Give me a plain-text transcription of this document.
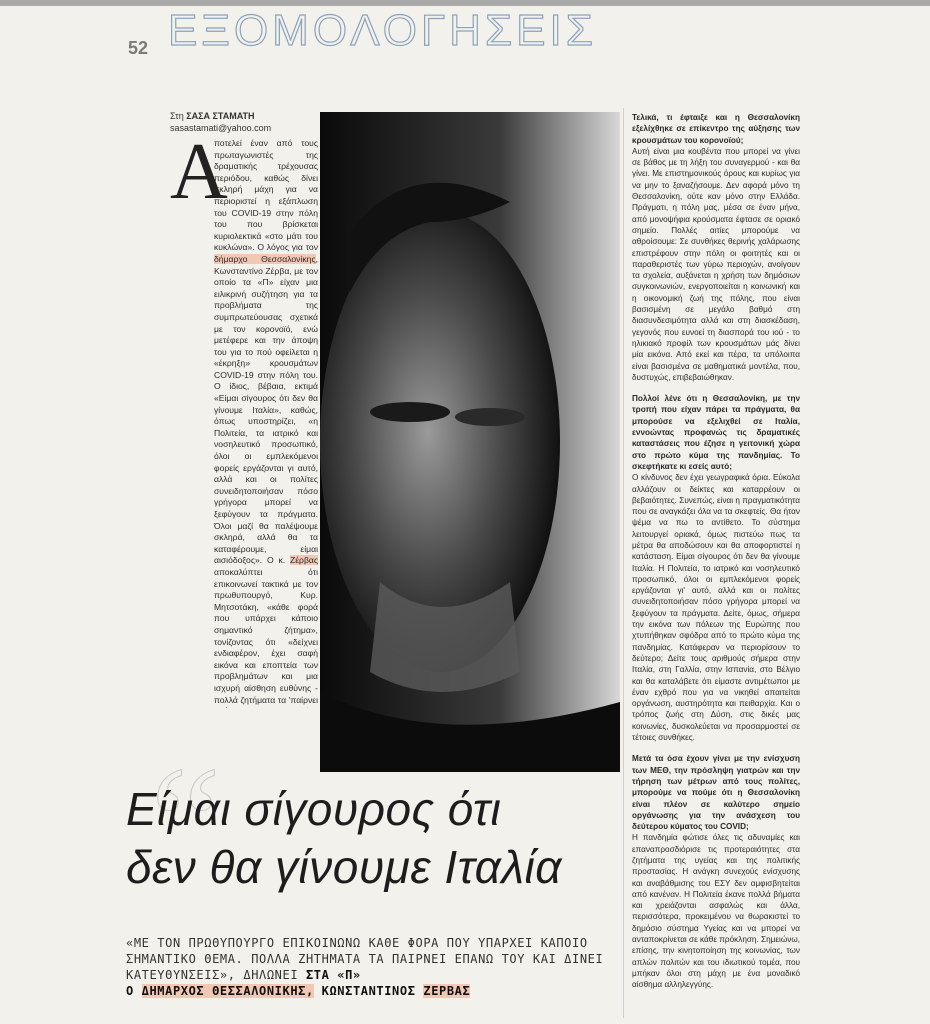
52 ΕΞΟΜΟΛΟΓΗΣΕΙΣ
Στη ΣΑΣΑ ΣΤΑΜΑΤΗ
sasastamati@yahoo.com
Α
ποτελεί έναν από τους πρωταγωνιστές της δραματικής τρέχουσας περιόδου, καθώς δίνει σκληρή μάχη για να περιοριστεί η εξάπλωση του COVID-19 στην πόλη του που βρίσκεται κυριολεκτικά «στο μάτι του κυκλώνα». Ο λόγος για τον δήμαρχο Θεσσαλονίκης, Κωνσταντίνο Ζέρβα, με τον οποίο τα «Π» είχαν μια ειλικρινή συζήτηση για τα προβλήματα της συμπρωτεύουσας σχετικά με τον κορονοϊό, ενώ μετέφερε και την άποψη του για το πού οφείλεται η «έκρηξη» κρουσμάτων COVID-19 στην πόλη του. Ο ίδιος, βέβαια, εκτιμά «Είμαι σίγουρος ότι δεν θα γίνουμε Ιταλία», καθώς, όπως υποστηρίζει, «η Πολιτεία, τα ιατρικό και νοσηλευτικό προσωπικό, όλοι οι εμπλεκόμενοι φορείς εργάζονται γι αυτό, αλλά και οι πολίτες συνειδητοποιήσαν πόσο γρήγορα μπορεί να ξεφύγουν τα πράγματα. Όλοι μαζί θα παλέψουμε σκληρά, αλλά θα τα καταφέρουμε, είμαι αισιόδοξος». Ο κ. Ζέρβας αποκαλύπτει ότι επικοινωνεί τακτικά με τον πρωθυπουργό, Κυρ. Μητσοτάκη, «κάθε φορά που υπάρχει κάποιο σημαντικό ζήτημα», τονίζοντας ότι «δείχνει ενδιαφέρον, έχει σαφή εικόνα και εποπτεία των προβλημάτων και μια ισχυρή αίσθηση ευθύνης - πολλά ζητήματα τα 'παίρνει
Τελικά, τι έφταιξε και η Θεσσαλονίκη εξελίχθηκε σε επίκεντρο της αύξησης των κρουσμάτων του κορονοϊού;
Αυτή είναι μια κουβέντα που μπορεί να γίνει σε βάθος με τη λήξη του συναγερμού - και θα γίνει. Με επιστημονικούς όρους και κυρίως για να μην το ξαναζήσουμε. Δεν αφορά μόνο τη Θεσσαλονίκη, ούτε καν μόνο στην Ελλάδα. Πράγματι, η πόλη μας, μέσα σε έναν μήνα, από μονοψήφια κρούσματα έφτασε σε οριακό σημείο. Πολλές αιτίες μπορούμε να αθροίσουμε: Σε συνθήκες θερινής χαλάρωσης επιστρέφουν στην πόλη οι φοιτητές και οι παραθεριστές των γύρω περιοχών, ανοίγουν τα σχολεία, αυξάνεται η χρήση των δημόσιων συγκοινωνιών, ενεργοποιείται η κοινωνική και η οικονομική ζωή της πόλης, που είναι βασισμένη σε μεγάλο βαθμό στη διασυνδεσιμότητα αλλά και στη διασκέδαση, γεγονός που ευνοεί τη διασπορά του ιού - το ηλικιακό προφίλ των κρουσμάτων μάς δίνει μία εικόνα. Από εκεί και πέρα, τα υπόλοιπα είναι βασισμένα σε μαθηματικά μοντέλα, που, δυστυχώς, επιβεβαιώθηκαν.
Πολλοί λένε ότι η Θεσσαλονίκη, με την τροπή που είχαν πάρει τα πράγματα, θα μπορούσε να εξελιχθεί σε Ιταλία, εννοώντας προφανώς τις δραματικές καταστάσεις που έζησε η γειτονική χώρα στο πρώτο κύμα της πανδημίας. Το σκεφτήκατε κι εσείς αυτό;
Ο κίνδυνος δεν έχει γεωγραφικά όρια. Εύκολα αλλάζουν οι δείκτες και καταρρέουν οι βεβαιότητες. Συνεπώς, είναι η πραγματικότητα που σε αναγκάζει όλα να τα σκεφτείς. Θα ήταν ψέμα να πω το αντίθετο. Το σύστημα λειτουργεί οριακά, όμως πιστεύω πως τα μέτρα θα αποδώσουν και θα αποφορτιστεί η κατάσταση. Είμαι σίγουρος ότι δεν θα γίνουμε Ιταλία. Η Πολιτεία, το ιατρικό και νοσηλευτικό προσωπικό, όλοι οι εμπλεκόμενοι φορείς εργάζονται γι' αυτό, αλλά και οι πολίτες συνειδητοποιήσαν πόσο γρήγορα μπορεί να ξεφύγουν τα πράγματα. Δείτε, όμως, σήμερα την εικόνα των πόλεων της Ευρώπης που χτυπήθηκαν σφόδρα από το πρώτο κύμα της πανδημίας. Κατάφεραν να περιορίσουν το δεύτερο; Δείτε τους αριθμούς σήμερα στην Ιταλία, στη Γαλλία, στην Ισπανία, στο Βέλγιο και θα καταλάβετε ότι είμαστε αντιμέτωποι με έναν εχθρό που για να νικηθεί απαιτείται οργάνωση, αυστηρότητα και πειθαρχία. Και ο τρόπος ζωής στη Δύση, στις δικές μας κοινωνίες, δυσκολεύεται να προσαρμοστεί σε τέτοιες συνθήκες.
Μετά τα όσα έχουν γίνει με την ενίσχυση των ΜΕΘ, την πρόσληψη γιατρών και την τήρηση των μέτρων από τους πολίτες, μπορούμε να πούμε ότι η Θεσσαλονίκη είναι πλέον σε καλύτερο σημείο οργάνωσης για την ανάσχεση του δεύτερου κύματος του COVID;
Η πανδημία φώτισε όλες τις αδυναμίες και επαναπροσδιόρισε τις προτεραιότητες στα ζητήματα της υγείας και της πολιτικής προστασίας. Η ανάγκη συνεχούς ενίσχυσης και αναβάθμισης του ΕΣΥ δεν αμφισβητείται από κανέναν. Η Πολιτεία έκανε πολλά βήματα και χρειάζονται ασφαλώς και άλλα, περισσότερα, προκειμένου να θωρακιστεί το δημόσιο σύστημα Υγείας και να μπορεί να ανταποκρίνεται σε κάθε πρόκληση. Σημειώνω, επίσης, την κινητοποίηση της κοινωνίας, των απλών πολιτών και του ιδιωτικού τομέα, που μπήκαν όλοι στη μάχη με ένα μοναδικό αίσθημα αλληλεγγύης.
“
Είμαι σίγουρος ότι
δεν θα γίνουμε Ιταλία
«ΜΕ ΤΟΝ ΠΡΩΘΥΠΟΥΡΓΟ ΕΠΙΚΟΙΝΩΝΩ ΚΑΘΕ ΦΟΡΑ ΠΟΥ ΥΠΑΡΧΕΙ ΚΑΠΟΙΟ ΣΗΜΑΝΤΙΚΟ ΘΕΜΑ. ΠΟΛΛΑ ΖΗΤΗΜΑΤΑ ΤΑ ΠΑΙΡΝΕΙ ΕΠΑΝΩ ΤΟΥ ΚΑΙ ΔΙΝΕΙ ΚΑΤΕΥΘΥΝΣΕΙΣ», ΔΗΛΩΝΕΙ ΣΤΑ «Π»
Ο ΔΗΜΑΡΧΟΣ ΘΕΣΣΑΛΟΝΙΚΗΣ, ΚΩΝΣΤΑΝΤΙΝΟΣ ΖΕΡΒΑΣ
